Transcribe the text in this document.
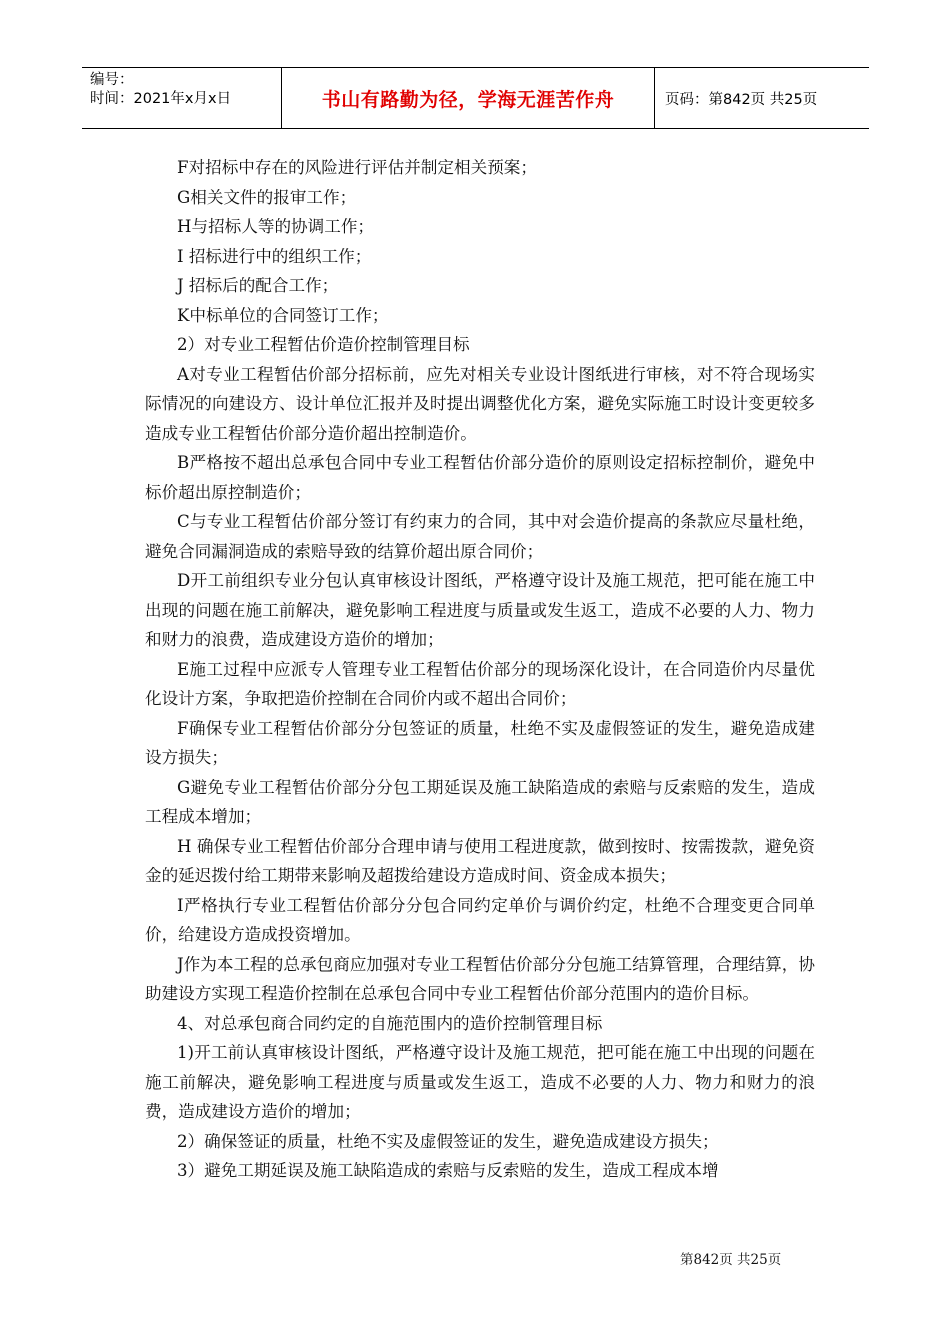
编号：
时间：2021年x月x日	书山有路勤为径，学海无涯苦作舟	页码：第842页 共25页

F对招标中存在的风险进行评估并制定相关预案；

G相关文件的报审工作；

H与招标人等的协调工作；

I 招标进行中的组织工作；

J 招标后的配合工作；

K中标单位的合同签订工作；

2）对专业工程暂估价造价控制管理目标

A对专业工程暂估价部分招标前，应先对相关专业设计图纸进行审核，对不符合现场实际情况的向建设方、设计单位汇报并及时提出调整优化方案，避免实际施工时设计变更较多造成专业工程暂估价部分造价超出控制造价。

B严格按不超出总承包合同中专业工程暂估价部分造价的原则设定招标控制价，避免中标价超出原控制造价；

C与专业工程暂估价部分签订有约束力的合同，其中对会造价提高的条款应尽量杜绝，避免合同漏洞造成的索赔导致的结算价超出原合同价；

D开工前组织专业分包认真审核设计图纸，严格遵守设计及施工规范，把可能在施工中出现的问题在施工前解决，避免影响工程进度与质量或发生返工，造成不必要的人力、物力和财力的浪费，造成建设方造价的增加；

E施工过程中应派专人管理专业工程暂估价部分的现场深化设计，在合同造价内尽量优化设计方案，争取把造价控制在合同价内或不超出合同价；

F确保专业工程暂估价部分分包签证的质量，杜绝不实及虚假签证的发生，避免造成建设方损失；

G避免专业工程暂估价部分分包工期延误及施工缺陷造成的索赔与反索赔的发生，造成工程成本增加；

H 确保专业工程暂估价部分合理申请与使用工程进度款，做到按时、按需拨款，避免资金的延迟拨付给工期带来影响及超拨给建设方造成时间、资金成本损失；

I严格执行专业工程暂估价部分分包合同约定单价与调价约定，杜绝不合理变更合同单价，给建设方造成投资增加。

J作为本工程的总承包商应加强对专业工程暂估价部分分包施工结算管理，合理结算，协助建设方实现工程造价控制在总承包合同中专业工程暂估价部分范围内的造价目标。

4、对总承包商合同约定的自施范围内的造价控制管理目标

1)开工前认真审核设计图纸，严格遵守设计及施工规范，把可能在施工中出现的问题在施工前解决，避免影响工程进度与质量或发生返工，造成不必要的人力、物力和财力的浪费，造成建设方造价的增加；

2）确保签证的质量，杜绝不实及虚假签证的发生，避免造成建设方损失；

3）避免工期延误及施工缺陷造成的索赔与反索赔的发生，造成工程成本增

第842页 共25页
